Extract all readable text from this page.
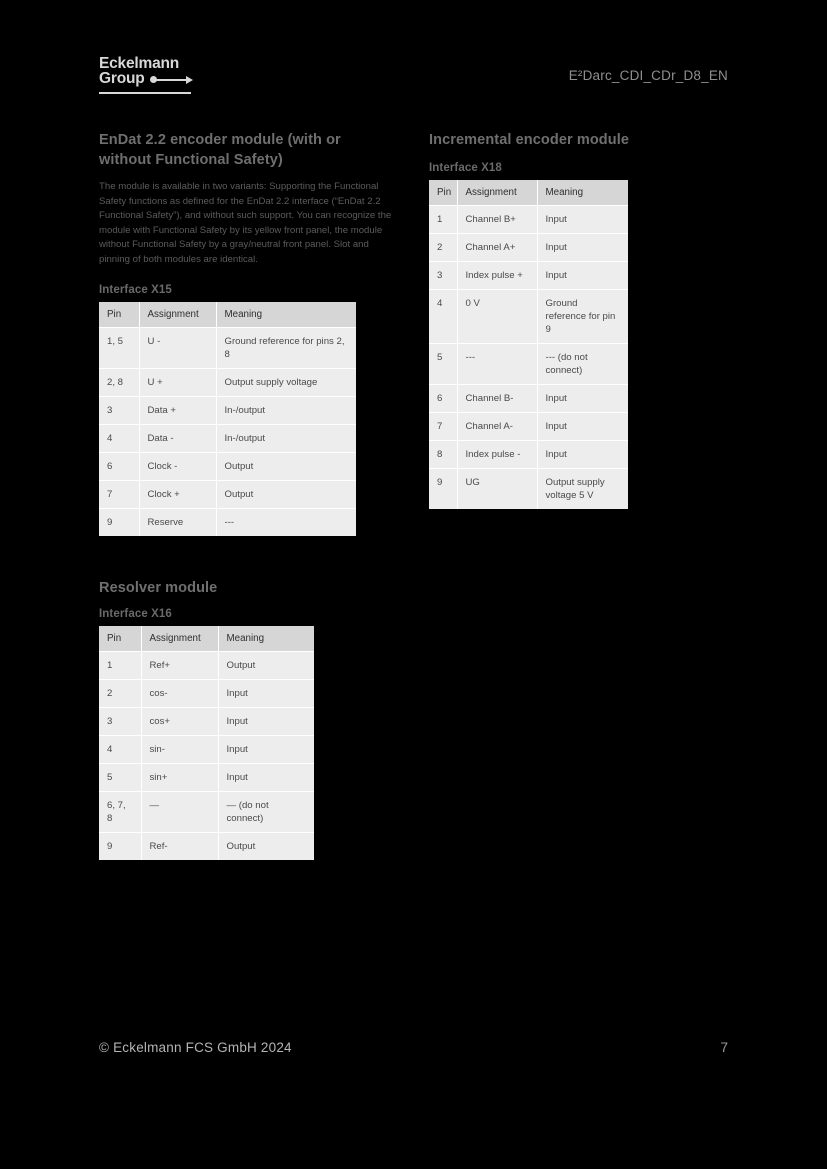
Eckelmann
Group	E²Darc_CDI_CDr_D8_EN
EnDat 2.2 encoder module (with or without Functional Safety)

The module is available in two variants: Supporting the Functional Safety functions as defined for the EnDat 2.2 interface (“EnDat 2.2 Functional Safety”), and without such support. You can recognize the module with Functional Safety by its yellow front panel, the module without Functional Safety by a gray/neutral front panel. Slot and pinning of both modules are identical.

Interface X15
Pin	Assignment	Meaning
1, 5	U -	Ground reference for pins 2, 8
2, 8	U +	Output supply voltage
3	Data +	In-/output
4	Data -	In-/output
6	Clock -	Output
7	Clock +	Output
9	Reserve	---
Resolver module
Interface X16
Pin	Assignment	Meaning
1	Ref+	Output
2	cos-	Input
3	cos+	Input
4	sin-	Input
5	sin+	Input
6, 7, 8	—	— (do not connect)
9	Ref-	Output
Incremental encoder module
Interface X18
Pin	Assignment	Meaning
1	Channel B+	Input
2	Channel A+	Input
3	Index pulse +	Input
4	0 V	Ground reference for pin 9
5	---	--- (do not connect)
6	Channel B-	Input
7	Channel A-	Input
8	Index pulse -	Input
9	UG	Output supply voltage 5 V
© Eckelmann FCS GmbH 2024	7
